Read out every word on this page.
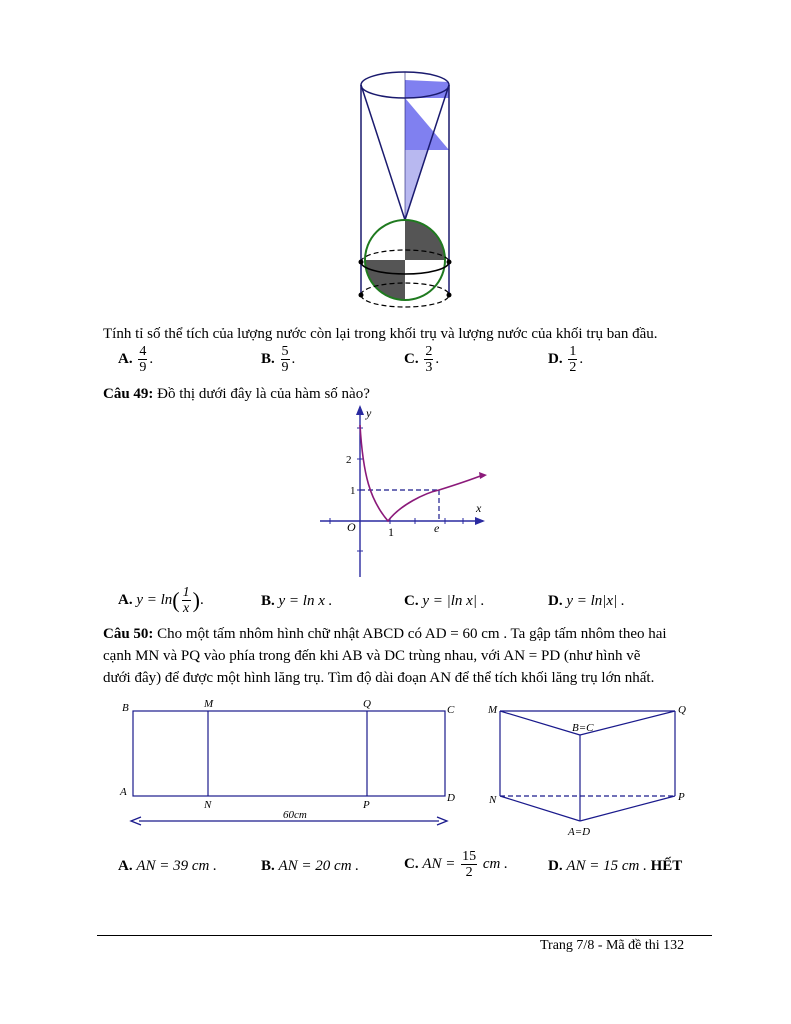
Tính tỉ số thể tích của lượng nước còn lại trong khối trụ và lượng nước của khối trụ ban đầu.
A. $\frac{4}{9}$ .	B. $\frac{5}{9}$ .	C. $\frac{2}{3}$ .	D. $\frac{1}{2}$ .
Câu 49: Đồ thị dưới đây là của hàm số nào?
y
x
O
2
1
1	e
A. $y = \ln( \frac{1}{x}$ ).	B. y = ln x .	C. y = |ln x| .	D. y = ln|x| .
Câu 50: Cho một tấm nhôm hình chữ nhật ABCD có AD = 60 cm . Ta gập tấm nhôm theo hai
cạnh MN và PQ vào phía trong đến khi AB và DC trùng nhau, với AN = PD (như hình vẽ
dưới đây) để được một hình lăng trụ. Tìm độ dài đoạn AN để thể tích khối lăng trụ lớn nhất.
B	M	Q	C
A
N	P
D
60cm
M	Q
B=C
N	P
A=D
A. AN = 39 cm .	B. AN = 20 cm .	C. AN = $\frac{15}{2}$ cm .	D. AN = 15 cm . HẾT
Trang 7/8 - Mã đề thi 132
